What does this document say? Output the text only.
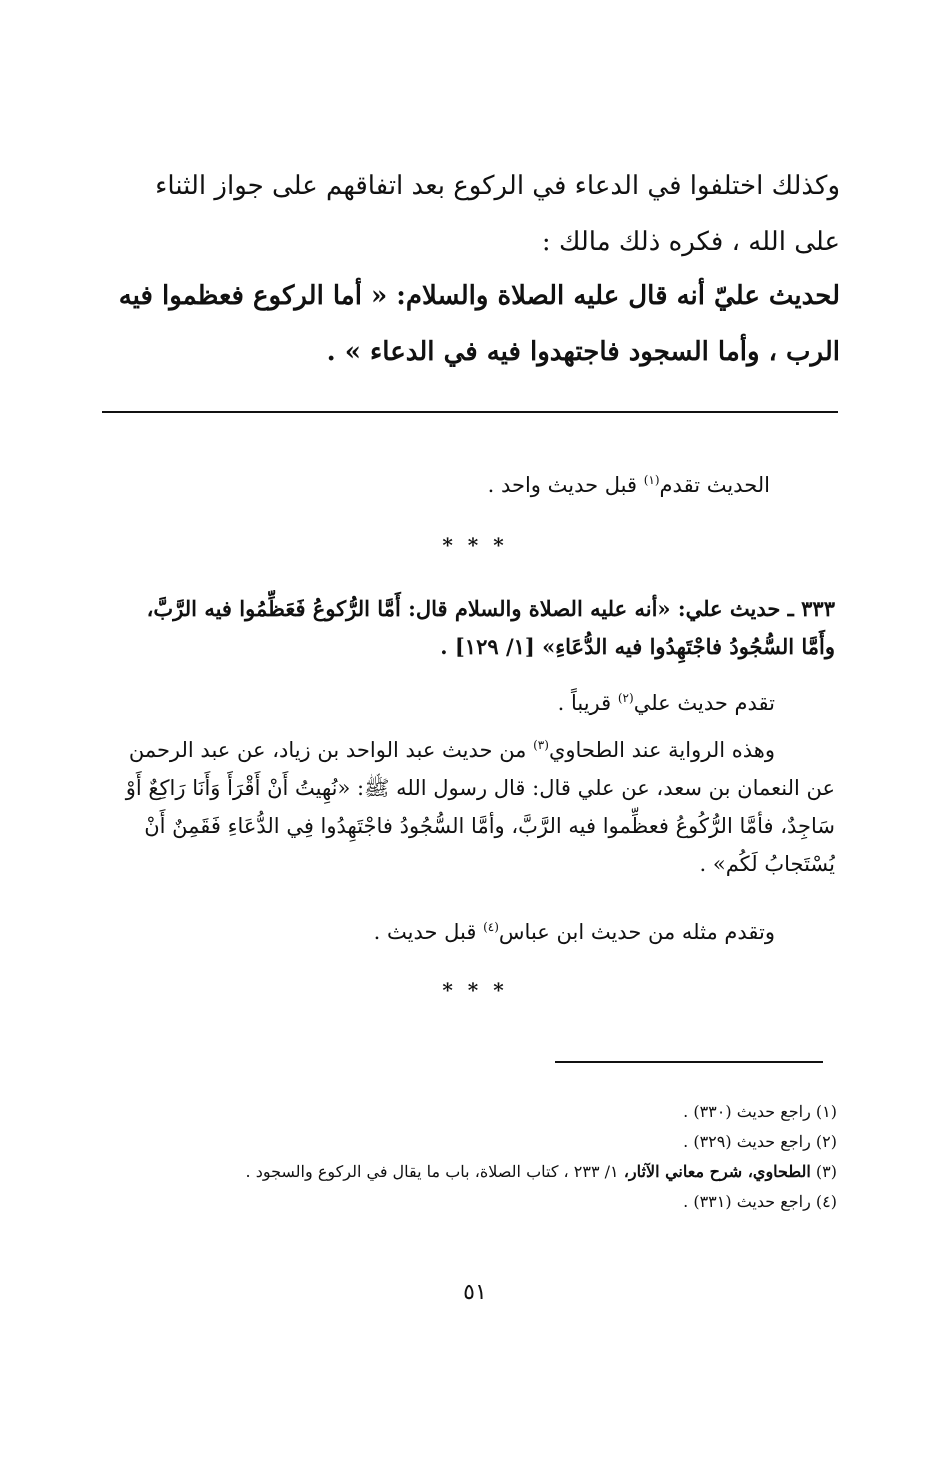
وكذلك اختلفوا في الدعاء في الركوع بعد اتفاقهم على جواز الثناء
على الله ، فكره ذلك مالك :
لحديث عليّ أنه قال عليه الصلاة والسلام: « أما الركوع فعظموا فيه
الرب ، وأما السجود فاجتهدوا فيه في الدعاء » .
الحديث تقدم$^{(١)}$ قبل حديث واحد .
* * *
٣٣٣ ـ حديث علي: «أنه عليه الصلاة والسلام قال: أَمَّا الرُّكوعُ فَعَظِّمُوا فيه الرَّبَّ،
وأَمَّا السُّجُودُ فاجْتَهِدُوا فيه الدُّعَاءِ» [١/ ١٢٩] .
تقدم حديث علي$^{(٢)}$ قريباً .
وهذه الرواية عند الطحاوي$^{(٣)}$ من حديث عبد الواحد بن زياد، عن عبد الرحمن
عن النعمان بن سعد، عن علي قال: قال رسول الله ﷺ: «نُهِيتُ أَنْ أَقْرَأَ وَأَنَا رَاكِعٌ أَوْ
سَاجِدٌ، فأمَّا الرُّكُوعُ فعظِّموا فيه الرَّبَّ، وأمَّا السُّجُودُ فاجْتَهِدُوا فِي الدُّعَاءِ فَقَمِنٌ أَنْ
يُسْتَجابُ لَكُم» .
وتقدم مثله من حديث ابن عباس$^{(٤)}$ قبل حديث .
* * *
(١) راجع حديث (٣٣٠) .
(٢) راجع حديث (٣٢٩) .
(٣) الطحاوي، شرح معاني الآثار، ١/ ٢٣٣ ، كتاب الصلاة، باب ما يقال في الركوع والسجود .
(٤) راجع حديث (٣٣١) .
٥١
